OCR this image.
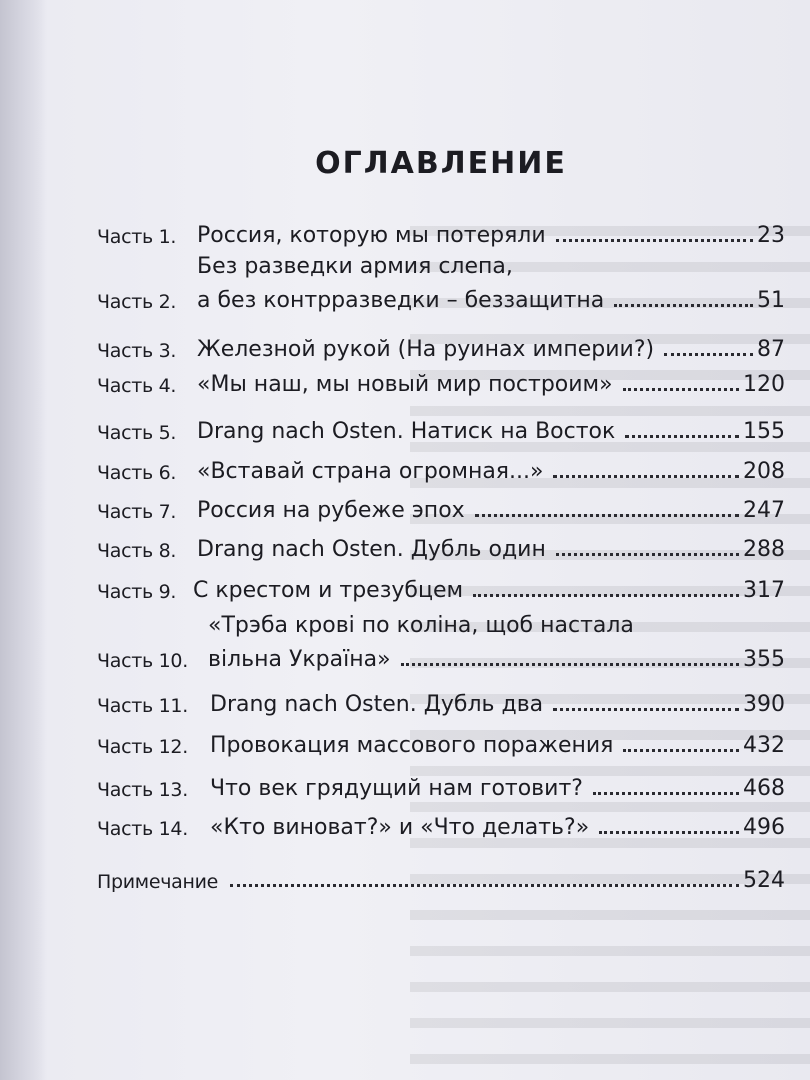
ОГЛАВЛЕНИЕ
Часть 1. Россия, которую мы потеряли	23
Часть 2.
Без разведки армия слепа,
а без контрразведки – беззащитна	51
Часть 3. Железной рукой (На руинах империи?)	87
Часть 4. «Мы наш, мы новый мир построим»	120
Часть 5. Drang nach Osten. Натиск на Восток	155
Часть 6. «Вставай страна огромная...»	208
Часть 7. Россия на рубеже эпох	247
Часть 8. Drang nach Osten. Дубль один	288
Часть 9. С крестом и трезубцем	317
Часть 10.
«Трэба крові по коліна, щоб настала
вільна Україна»	355
Часть 11. Drang nach Osten. Дубль два	390
Часть 12. Провокация массового поражения	432
Часть 13. Что век грядущий нам готовит?	468
Часть 14. «Кто виноват?» и «Что делать?»	496
Примечание	524
